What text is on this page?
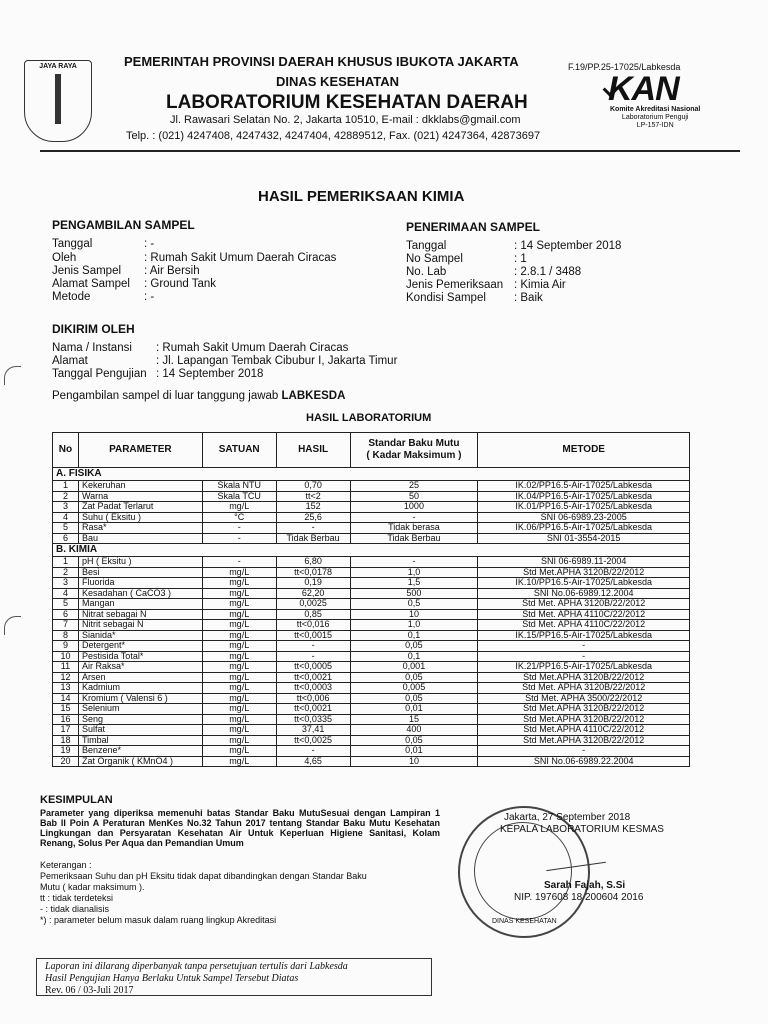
JAYA RAYA	PEMERINTAH PROVINSI DAERAH KHUSUS IBUKOTA JAKARTA	F.19/PP.25-17025/Labkesda
DINAS KESEHATAN
LABORATORIUM KESEHATAN DAERAH
Jl. Rawasari Selatan No. 2, Jakarta 10510, E-mail : dkklabs@gmail.com
Telp. : (021) 4247408, 4247432, 4247404, 42889512, Fax. (021) 4247364, 42873697
KAN
Komite Akreditasi Nasional
Laboratorium Penguji
LP-157-IDN
HASIL PEMERIKSAAN KIMIA
PENGAMBILAN SAMPEL
Tanggal	: -
Oleh	: Rumah Sakit Umum Daerah Ciracas
Jenis Sampel : Air Bersih
Alamat Sampel : Ground Tank
Metode	: -
PENERIMAAN SAMPEL
Tanggal	: 14 September 2018
No Sampel	: 1
No. Lab	: 2.8.1 / 3488
Jenis Pemeriksaan : Kimia Air
Kondisi Sampel : Baik
DIKIRIM OLEH
Nama / Instansi : Rumah Sakit Umum Daerah Ciracas
Alamat	: Jl. Lapangan Tembak Cibubur I, Jakarta Timur
Tanggal Pengujian : 14 September 2018
Pengambilan sampel di luar tanggung jawab LABKESDA
HASIL LABORATORIUM
No	PARAMETER	SATUAN	HASIL	Standar Baku Mutu
( Kadar Maksimum )	METODE
A. FISIKA					
1	Kekeruhan	Skala NTU	0,70	25	IK.02/PP16.5-Air-17025/Labkesda
2	Warna	Skala TCU	tt<2	50	IK.04/PP16.5-Air-17025/Labkesda
3	Zat Padat Terlarut	mg/L	152	1000	IK.01/PP16.5-Air-17025/Labkesda
4	Suhu ( Eksitu )	°C	25,6	-	SNI 06-6989.23-2005
5	Rasa*	-	-	Tidak berasa	IK.06/PP16.5-Air-17025/Labkesda
6	Bau	-	Tidak Berbau	Tidak Berbau	SNI 01-3554-2015
B. KIMIA					
1	pH ( Eksitu )	-	6,80	-	SNI 06-6989.11-2004
2	Besi	mg/L	tt<0,0178	1,0	Std Met.APHA 3120B/22/2012
3	Fluorida	mg/L	0,19	1,5	IK.10/PP16.5-Air-17025/Labkesda
4	Kesadahan ( CaCO3 )	mg/L	62,20	500	SNI No.06-6989.12.2004
5	Mangan	mg/L	0,0025	0,5	Std Met. APHA 3120B/22/2012
6	Nitrat sebagai N	mg/L	0,85	10	Std Met. APHA 4110C/22/2012
7	Nitrit sebagai N	mg/L	tt<0,016	1,0	Std Met. APHA 4110C/22/2012
8	Sianida*	mg/L	tt<0,0015	0,1	IK.15/PP16.5-Air-17025/Labkesda
9	Detergent*	mg/L	-	0,05	-
10	Pestisida Total*	mg/L	-	0,1	-
11	Air Raksa*	mg/L	tt<0,0005	0,001	IK.21/PP16.5-Air-17025/Labkesda
12	Arsen	mg/L	tt<0,0021	0,05	Std Met.APHA 3120B/22/2012
13	Kadmium	mg/L	tt<0,0003	0,005	Std Met. APHA 3120B/22/2012
14	Kromium ( Valensi 6 )	mg/L	tt<0,006	0,05	Std Met. APHA 3500/22/2012
15	Selenium	mg/L	tt<0,0021	0,01	Std Met.APHA 3120B/22/2012
16	Seng	mg/L	tt<0,0335	15	Std Met.APHA 3120B/22/2012
17	Sulfat	mg/L	37,41	400	Std Met.APHA 4110C/22/2012
18	Timbal	mg/L	tt<0,0025	0,05	Std Met.APHA 3120B/22/2012
19	Benzene*	mg/L	-	0,01	-
20	Zat Organik ( KMnO4 )	mg/L	4,65	10	SNI No.06-6989.22.2004
KESIMPULAN
Parameter yang diperiksa memenuhi batas Standar Baku MutuSesuai dengan Lampiran 1 Bab II Poin A Peraturan MenKes No.32 Tahun 2017 tentang Standar Baku Mutu Kesehatan Lingkungan dan Persyaratan Kesehatan Air Untuk Keperluan Higiene Sanitasi, Kolam Renang, Solus Per Aqua dan Pemandian Umum
Keterangan :
Pemeriksaan Suhu dan pH Eksitu tidak dapat dibandingkan dengan Standar Baku
Mutu ( kadar maksimum ).
tt : tidak terdeteksi
- : tidak dianalisis
*) : parameter belum masuk dalam ruang lingkup Akreditasi	DINAS KESEHATAN
Jakarta, 27 September 2018
KEPALA LABORATORIUM KESMAS
Sarah Fajah, S.Si
NIP. 197608 18 200604 2016
Laporan ini dilarang diperbanyak tanpa persetujuan tertulis dari Labkesda
Hasil Pengujian Hanya Berlaku Untuk Sampel Tersebut Diatas
Rev. 06 / 03-Juli 2017
